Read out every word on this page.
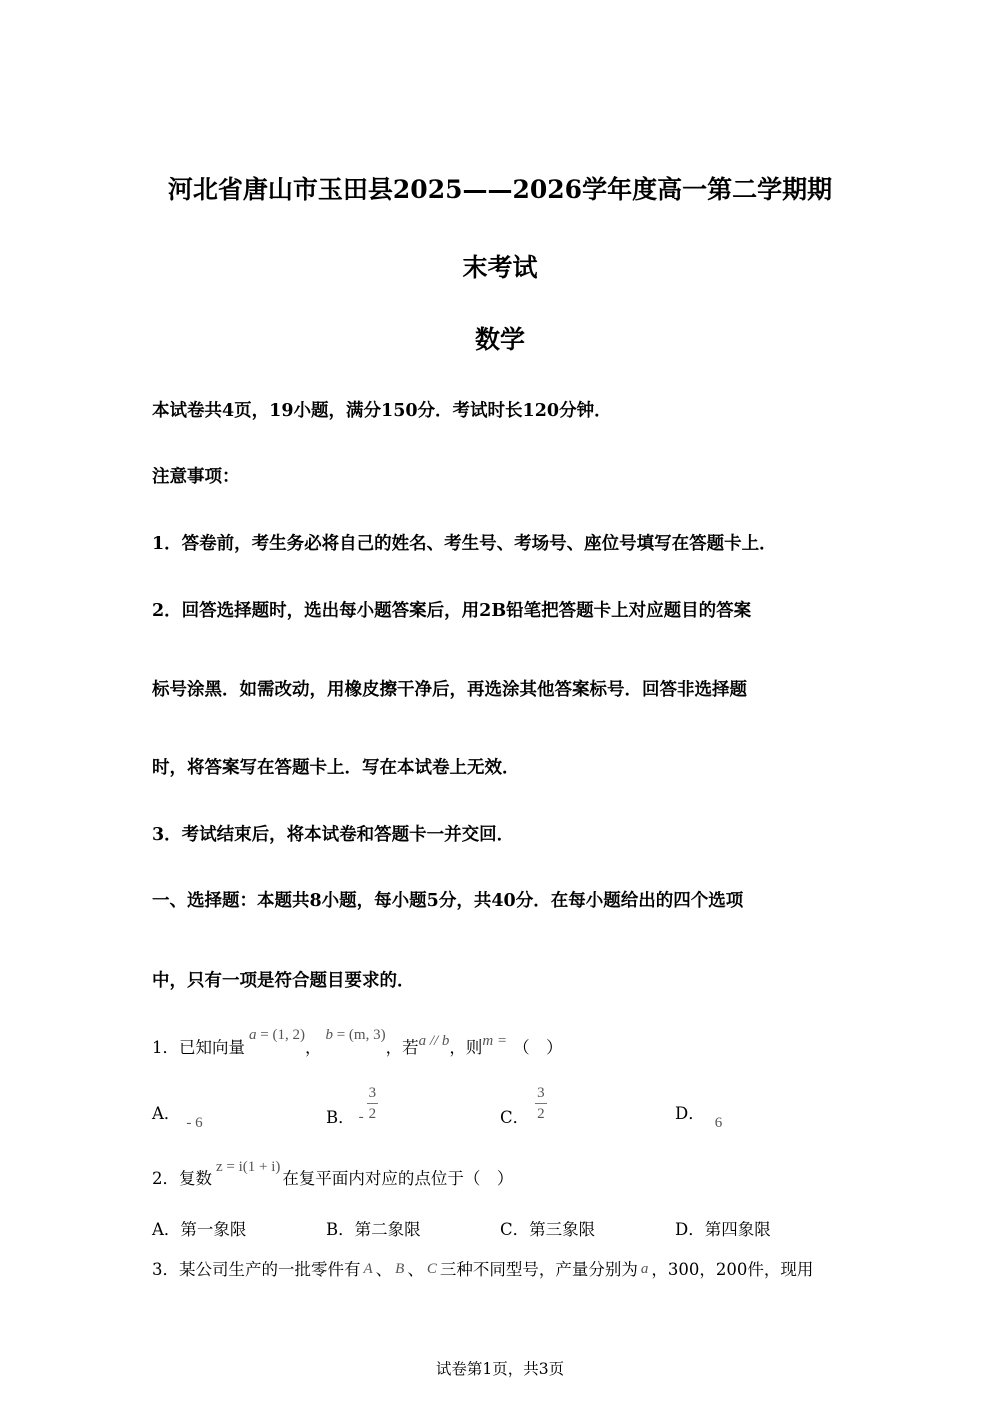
河北省唐山市玉田县2025——2026学年度高一第二学期期
末考试
数学
本试卷共4页，19小题，满分150分．考试时长120分钟．
注意事项：
1．答卷前，考生务必将自己的姓名、考生号、考场号、座位号填写在答题卡上．
2．回答选择题时，选出每小题答案后，用2B铅笔把答题卡上对应题目的答案
标号涂黑．如需改动，用橡皮擦干净后，再选涂其他答案标号．回答非选择题
时，将答案写在答题卡上．写在本试卷上无效．
3．考试结束后，将本试卷和答题卡一并交回．
一、选择题：本题共8小题，每小题5分，共40分．在每小题给出的四个选项
中，只有一项是符合题目要求的．
1．已知向量a = (1, 2)，b = (m, 3)，若a // b，则m = （　）
A． - 6	B． - $\frac{3}{2}$	C． $\frac{3}{2}$	D． 6
2．复数z = i(1 + i)在复平面内对应的点位于（　）
A．第一象限	B．第二象限	C．第三象限	D．第四象限
3．某公司生产的一批零件有 A 、 B 、 C 三种不同型号，产量分别为 a ，300，200件，现用
试卷第1页，共3页
